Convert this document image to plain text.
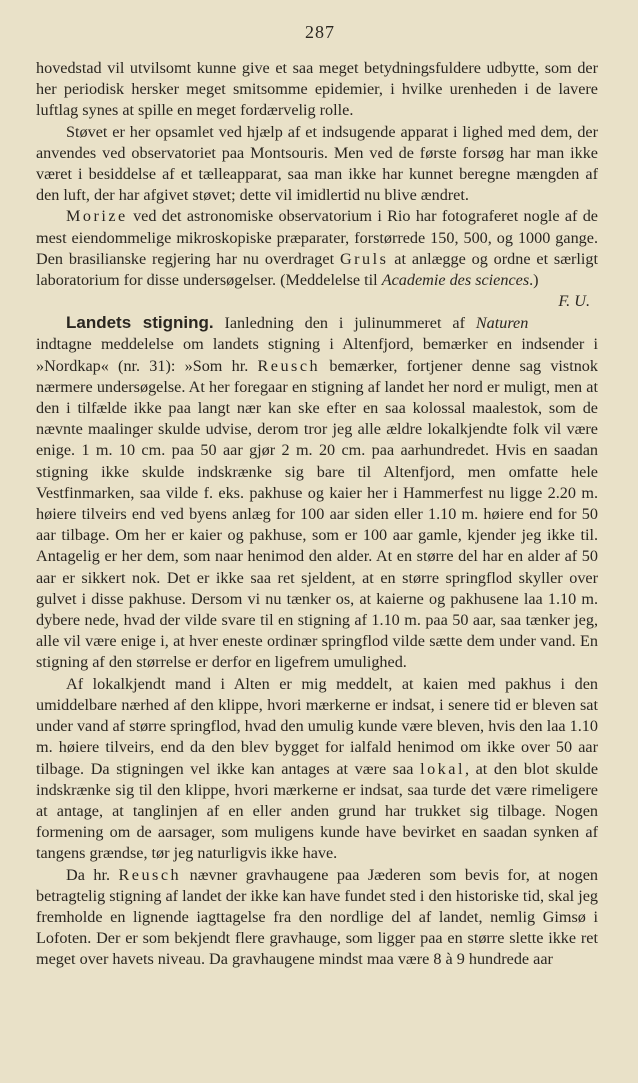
287

hovedstad vil utvilsomt kunne give et saa meget betydningsfuldere udbytte, som der her periodisk hersker meget smitsomme epidemier, i hvilke urenheden i de lavere luftlag synes at spille en meget fordærvelig rolle.

Støvet er her opsamlet ved hjælp af et indsugende apparat i lighed med dem, der anvendes ved observatoriet paa Montsouris. Men ved de første forsøg har man ikke været i besiddelse af et tælleapparat, saa man ikke har kunnet beregne mængden af den luft, der har afgivet støvet; dette vil imidlertid nu blive ændret.

Morize ved det astronomiske observatorium i Rio har fotograferet nogle af de mest eiendommelige mikroskopiske præparater, forstørrede 150, 500, og 1000 gange. Den brasilianske regjering har nu overdraget Gruls at anlægge og ordne et særligt laboratorium for disse undersøgelser. (Meddelelse til Academie des sciences.)
F. U.

Landets stigning. Ianledning den i julinummeret af Naturen indtagne meddelelse om landets stigning i Altenfjord, bemærker en indsender i »Nordkap« (nr. 31): »Som hr. Reusch bemærker, fortjener denne sag vistnok nærmere undersøgelse. At her foregaar en stigning af landet her nord er muligt, men at den i tilfælde ikke paa langt nær kan ske efter en saa kolossal maalestok, som de nævnte maalinger skulde udvise, derom tror jeg alle ældre lokalkjendte folk vil være enige. 1 m. 10 cm. paa 50 aar gjør 2 m. 20 cm. paa aarhundredet. Hvis en saadan stigning ikke skulde indskrænke sig bare til Altenfjord, men omfatte hele Vestfinmarken, saa vilde f. eks. pakhuse og kaier her i Hammerfest nu ligge 2.20 m. høiere tilveirs end ved byens anlæg for 100 aar siden eller 1.10 m. høiere end for 50 aar tilbage. Om her er kaier og pakhuse, som er 100 aar gamle, kjender jeg ikke til. Antagelig er her dem, som naar henimod den alder. At en større del har en alder af 50 aar er sikkert nok. Det er ikke saa ret sjeldent, at en større springflod skyller over gulvet i disse pakhuse. Dersom vi nu tænker os, at kaierne og pakhusene laa 1.10 m. dybere nede, hvad der vilde svare til en stigning af 1.10 m. paa 50 aar, saa tænker jeg, alle vil være enige i, at hver eneste ordinær springflod vilde sætte dem under vand. En stigning af den størrelse er derfor en ligefrem umulighed.

Af lokalkjendt mand i Alten er mig meddelt, at kaien med pakhus i den umiddelbare nærhed af den klippe, hvori mærkerne er indsat, i senere tid er bleven sat under vand af større springflod, hvad den umulig kunde være bleven, hvis den laa 1.10 m. høiere tilveirs, end da den blev bygget for ialfald henimod om ikke over 50 aar tilbage. Da stigningen vel ikke kan antages at være saa lokal, at den blot skulde indskrænke sig til den klippe, hvori mærkerne er indsat, saa turde det være rimeligere at antage, at tanglinjen af en eller anden grund har trukket sig tilbage. Nogen formening om de aarsager, som muligens kunde have bevirket en saadan synken af tangens grændse, tør jeg naturligvis ikke have.

Da hr. Reusch nævner gravhaugene paa Jæderen som bevis for, at nogen betragtelig stigning af landet der ikke kan have fundet sted i den historiske tid, skal jeg fremholde en lignende iagttagelse fra den nordlige del af landet, nemlig Gimsø i Lofoten. Der er som bekjendt flere gravhauge, som ligger paa en større slette ikke ret meget over havets niveau. Da gravhaugene mindst maa være 8 à 9 hundrede aar
